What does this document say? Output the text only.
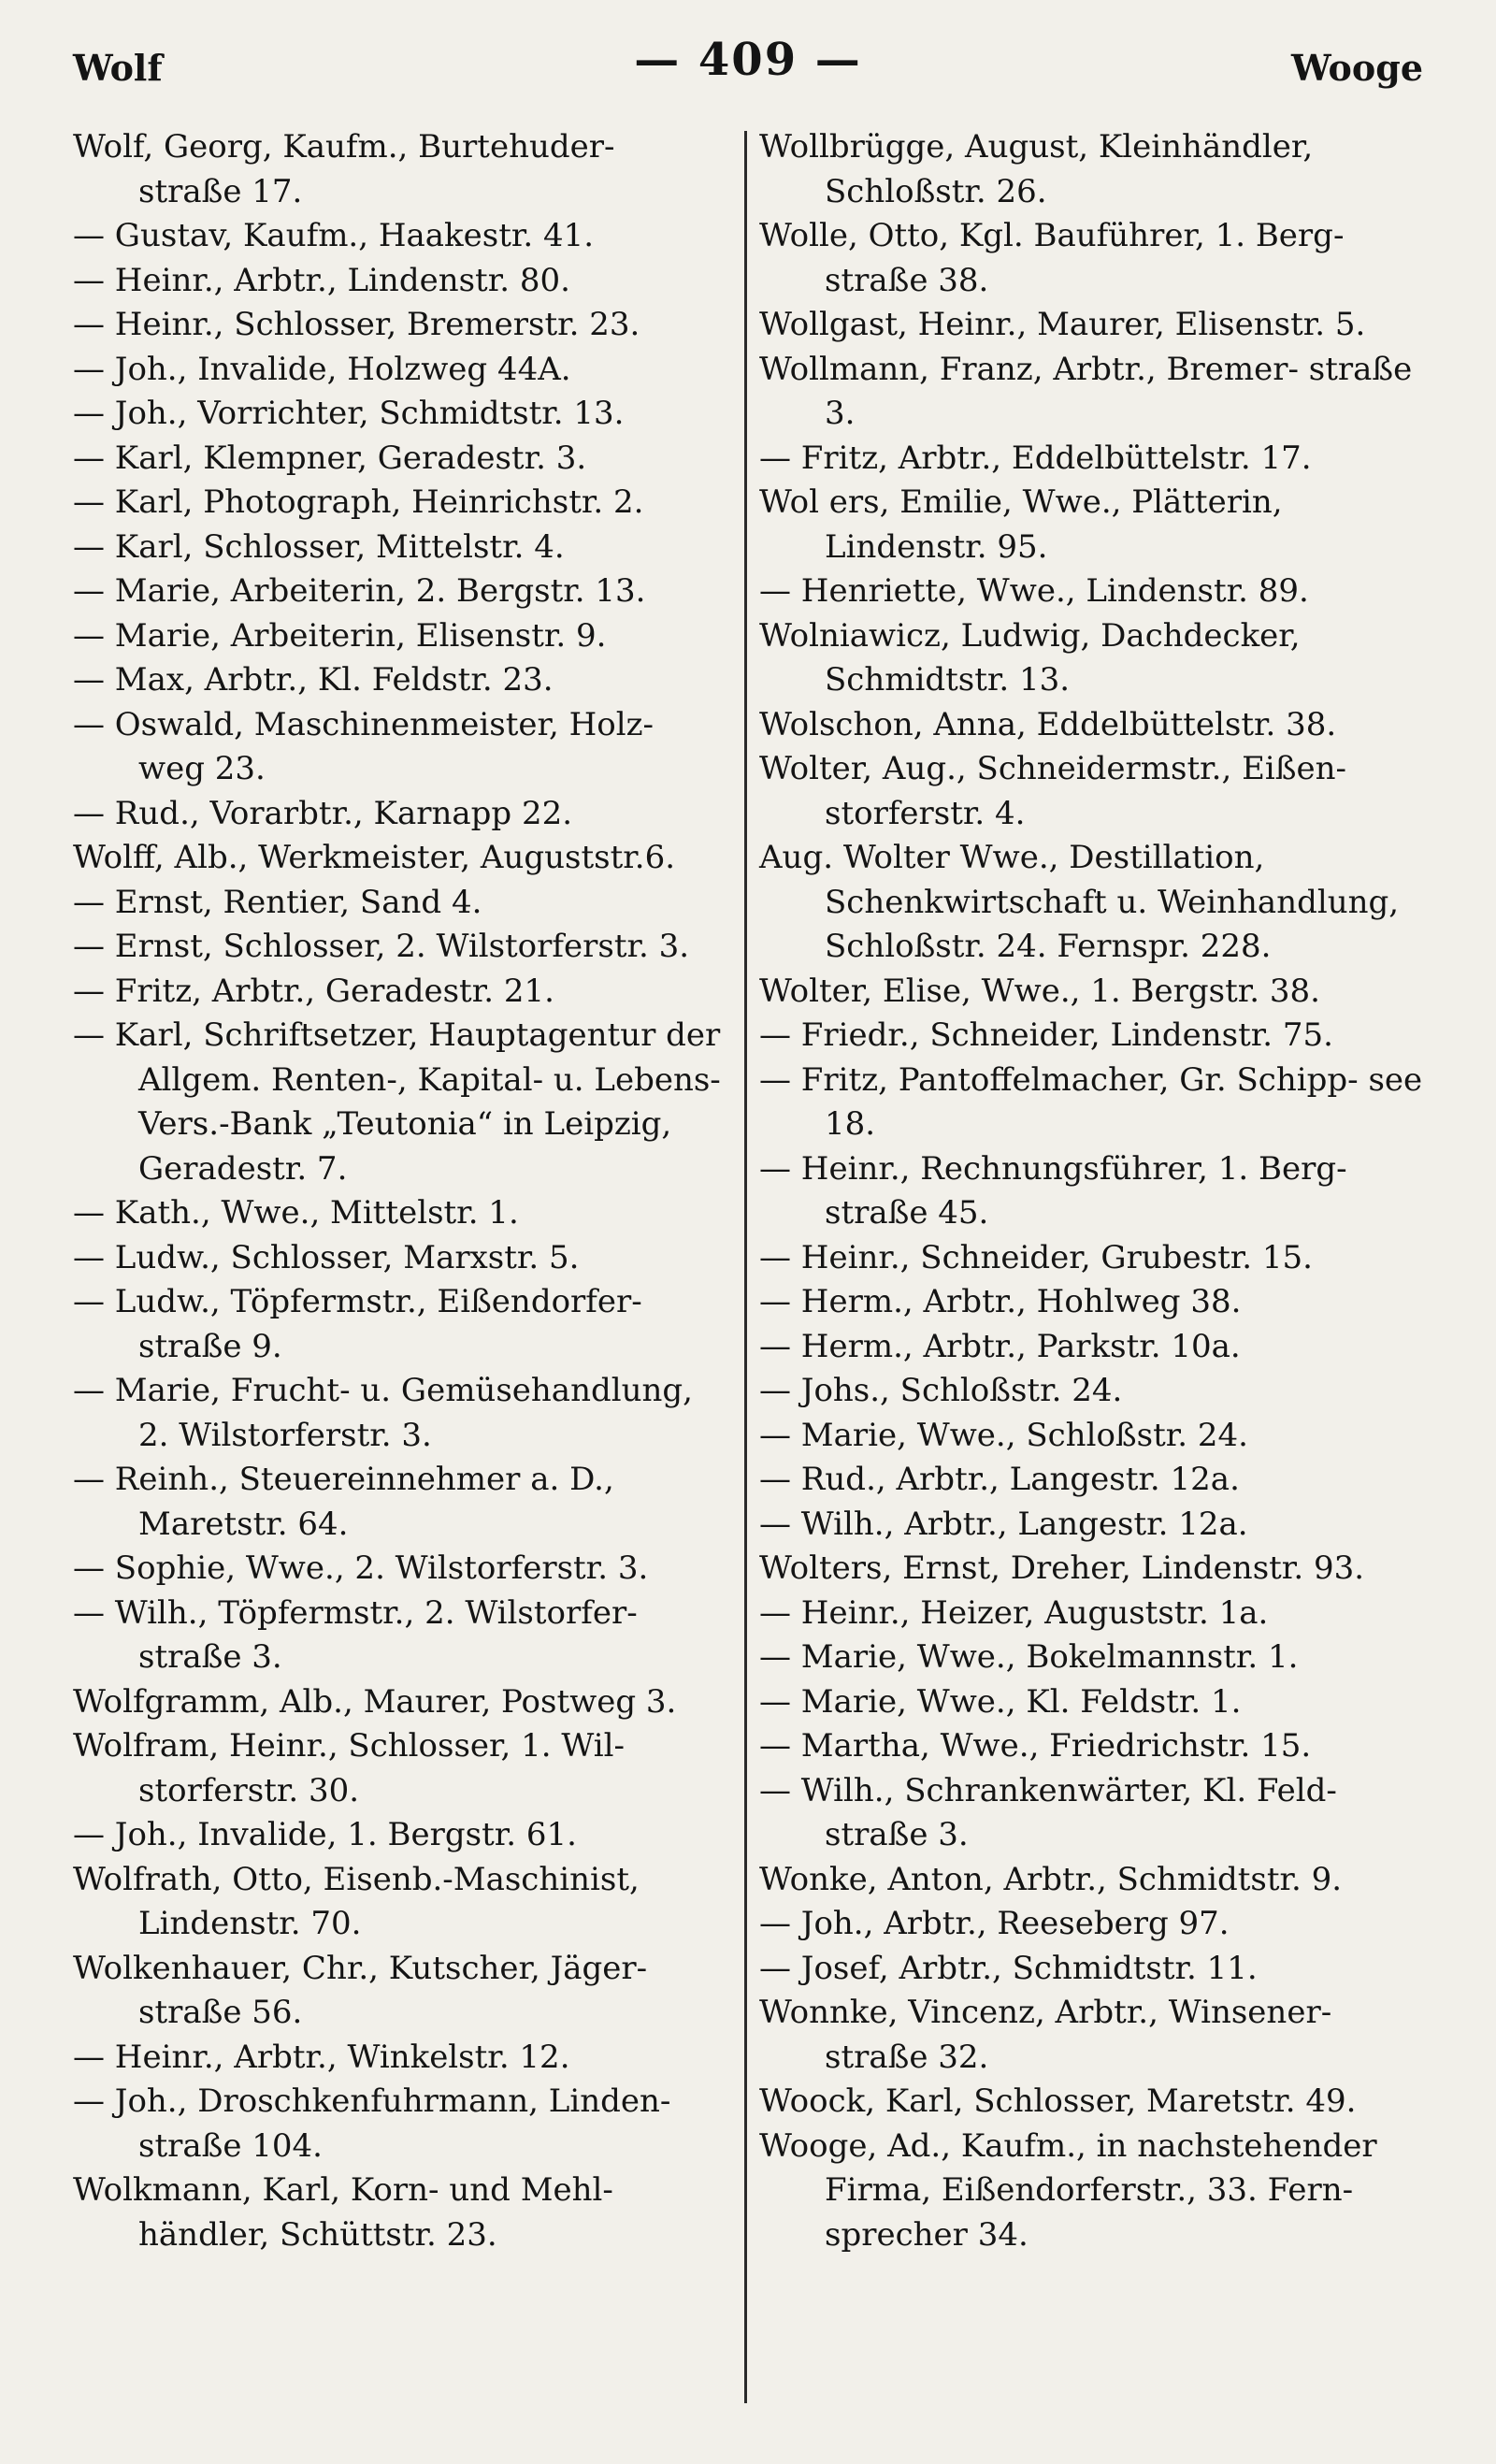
Wolf	— 409 —	Wooge

Wolf, Georg, Kaufm., Burtehuder- straße 17.

— Gustav, Kaufm., Haakestr. 41.

— Heinr., Arbtr., Lindenstr. 80.

— Heinr., Schlosser, Bremerstr. 23.

— Joh., Invalide, Holzweg 44A.

— Joh., Vorrichter, Schmidtstr. 13.

— Karl, Klempner, Geradestr. 3.

— Karl, Photograph, Heinrichstr. 2.

— Karl, Schlosser, Mittelstr. 4.

— Marie, Arbeiterin, 2. Bergstr. 13.

— Marie, Arbeiterin, Elisenstr. 9.

— Max, Arbtr., Kl. Feldstr. 23.

— Oswald, Maschinenmeister, Holz- weg 23.

— Rud., Vorarbtr., Karnapp 22.

Wolff, Alb., Werkmeister, Auguststr.6.

— Ernst, Rentier, Sand 4.

— Ernst, Schlosser, 2. Wilstorferstr. 3.

— Fritz, Arbtr., Geradestr. 21.

— Karl, Schriftsetzer, Hauptagentur der Allgem. Renten-, Kapital- u. Lebens-Vers.-Bank „Teutonia“ in Leipzig, Geradestr. 7.

— Kath., Wwe., Mittelstr. 1.

— Ludw., Schlosser, Marxstr. 5.

— Ludw., Töpfermstr., Eißendorfer- straße 9.

— Marie, Frucht- u. Gemüsehandlung, 2. Wilstorferstr. 3.

— Reinh., Steuereinnehmer a. D., Maretstr. 64.

— Sophie, Wwe., 2. Wilstorferstr. 3.

— Wilh., Töpfermstr., 2. Wilstorfer- straße 3.

Wolfgramm, Alb., Maurer, Postweg 3.

Wolfram, Heinr., Schlosser, 1. Wil- storferstr. 30.

— Joh., Invalide, 1. Bergstr. 61.

Wolfrath, Otto, Eisenb.-Maschinist, Lindenstr. 70.

Wolkenhauer, Chr., Kutscher, Jäger- straße 56.

— Heinr., Arbtr., Winkelstr. 12.

— Joh., Droschkenfuhrmann, Linden- straße 104.

Wolkmann, Karl, Korn- und Mehl- händler, Schüttstr. 23.

Wollbrügge, August, Kleinhändler, Schloßstr. 26.

Wolle, Otto, Kgl. Bauführer, 1. Berg- straße 38.

Wollgast, Heinr., Maurer, Elisenstr. 5.

Wollmann, Franz, Arbtr., Bremer- straße 3.

— Fritz, Arbtr., Eddelbüttelstr. 17.

Wol ers, Emilie, Wwe., Plätterin, Lindenstr. 95.

— Henriette, Wwe., Lindenstr. 89.

Wolniawicz, Ludwig, Dachdecker, Schmidtstr. 13.

Wolschon, Anna, Eddelbüttelstr. 38.

Wolter, Aug., Schneidermstr., Eißen- storferstr. 4.

Aug. Wolter Wwe., Destillation, Schenkwirtschaft u. Weinhandlung, Schloßstr. 24. Fernspr. 228.

Wolter, Elise, Wwe., 1. Bergstr. 38.

— Friedr., Schneider, Lindenstr. 75.

— Fritz, Pantoffelmacher, Gr. Schipp- see 18.

— Heinr., Rechnungsführer, 1. Berg- straße 45.

— Heinr., Schneider, Grubestr. 15.

— Herm., Arbtr., Hohlweg 38.

— Herm., Arbtr., Parkstr. 10a.

— Johs., Schloßstr. 24.

— Marie, Wwe., Schloßstr. 24.

— Rud., Arbtr., Langestr. 12a.

— Wilh., Arbtr., Langestr. 12a.

Wolters, Ernst, Dreher, Lindenstr. 93.

— Heinr., Heizer, Auguststr. 1a.

— Marie, Wwe., Bokelmannstr. 1.

— Marie, Wwe., Kl. Feldstr. 1.

— Martha, Wwe., Friedrichstr. 15.

— Wilh., Schrankenwärter, Kl. Feld- straße 3.

Wonke, Anton, Arbtr., Schmidtstr. 9.

— Joh., Arbtr., Reeseberg 97.

— Josef, Arbtr., Schmidtstr. 11.

Wonnke, Vincenz, Arbtr., Winsener- straße 32.

Woock, Karl, Schlosser, Maretstr. 49.

Wooge, Ad., Kaufm., in nachstehender Firma, Eißendorferstr., 33. Fern- sprecher 34.
